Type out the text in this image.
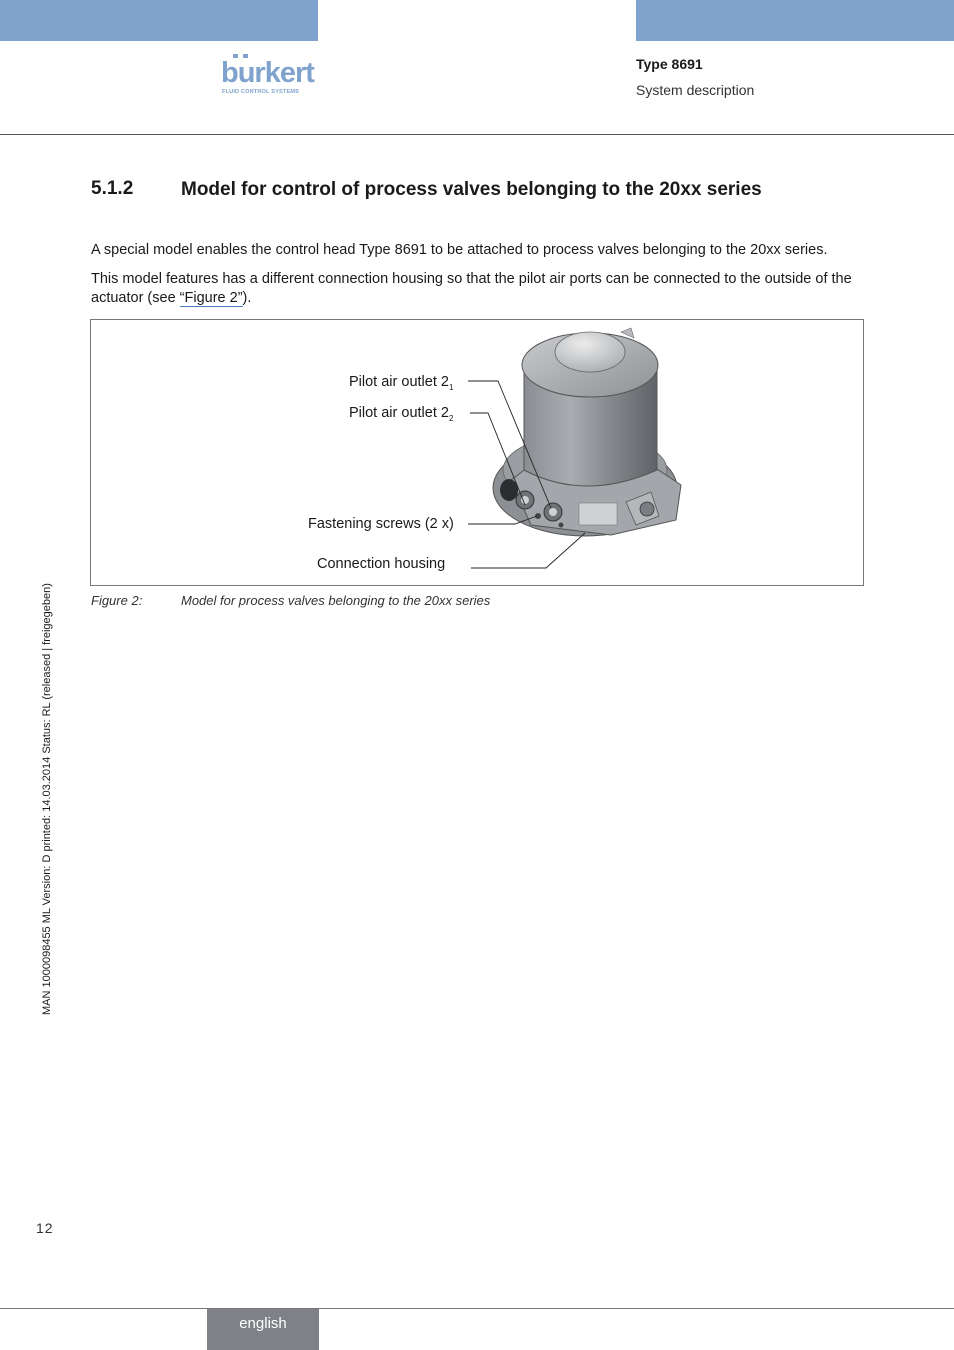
burkert
FLUID CONTROL SYSTEMS
Type 8691
System description
5.1.2	Model for control of process valves belonging to the 20xx series
A special model enables the control head Type 8691 to be attached to process valves belonging to the 20xx series.
This model features has a different connection housing so that the pilot air ports can be connected to the outside of the actuator (see “Figure 2”).
Pilot air outlet $2_1$
Pilot air outlet $2_2$
Fastening screws (2 x)
Connection housing
Figure 2:	Model for process valves belonging to the 20xx series
MAN 1000098455 ML Version: D printed: 14.03.2014 Status: RL (released | freigegeben)
12
english
